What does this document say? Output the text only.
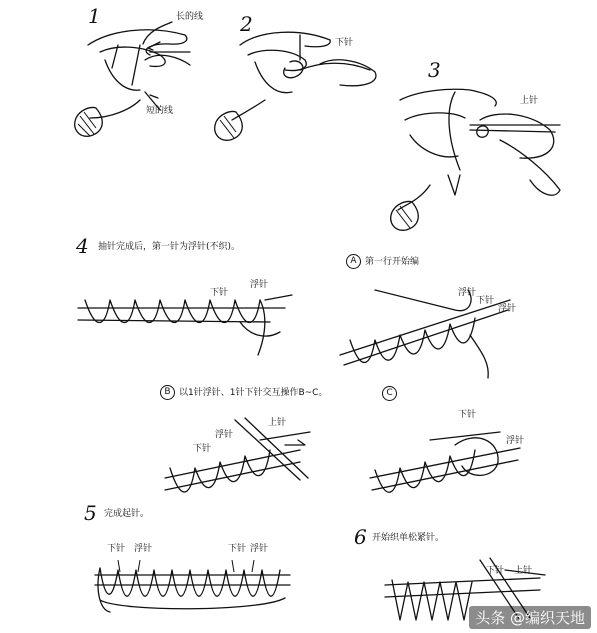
1	2
3
4
5
6
长的线
短的线
下针
上针
抽针完成后，第一针为浮针(不织)。
下针
浮针
A 第一行开始编
浮针
下针
浮针
B 以1针浮针、1针下针交互操作B~C。
上针
浮针
下针
C
下针
浮针
完成起针。
下针 浮针	下针 浮针
开始织单松紧针。
下针 上针
头条 @编织天地
